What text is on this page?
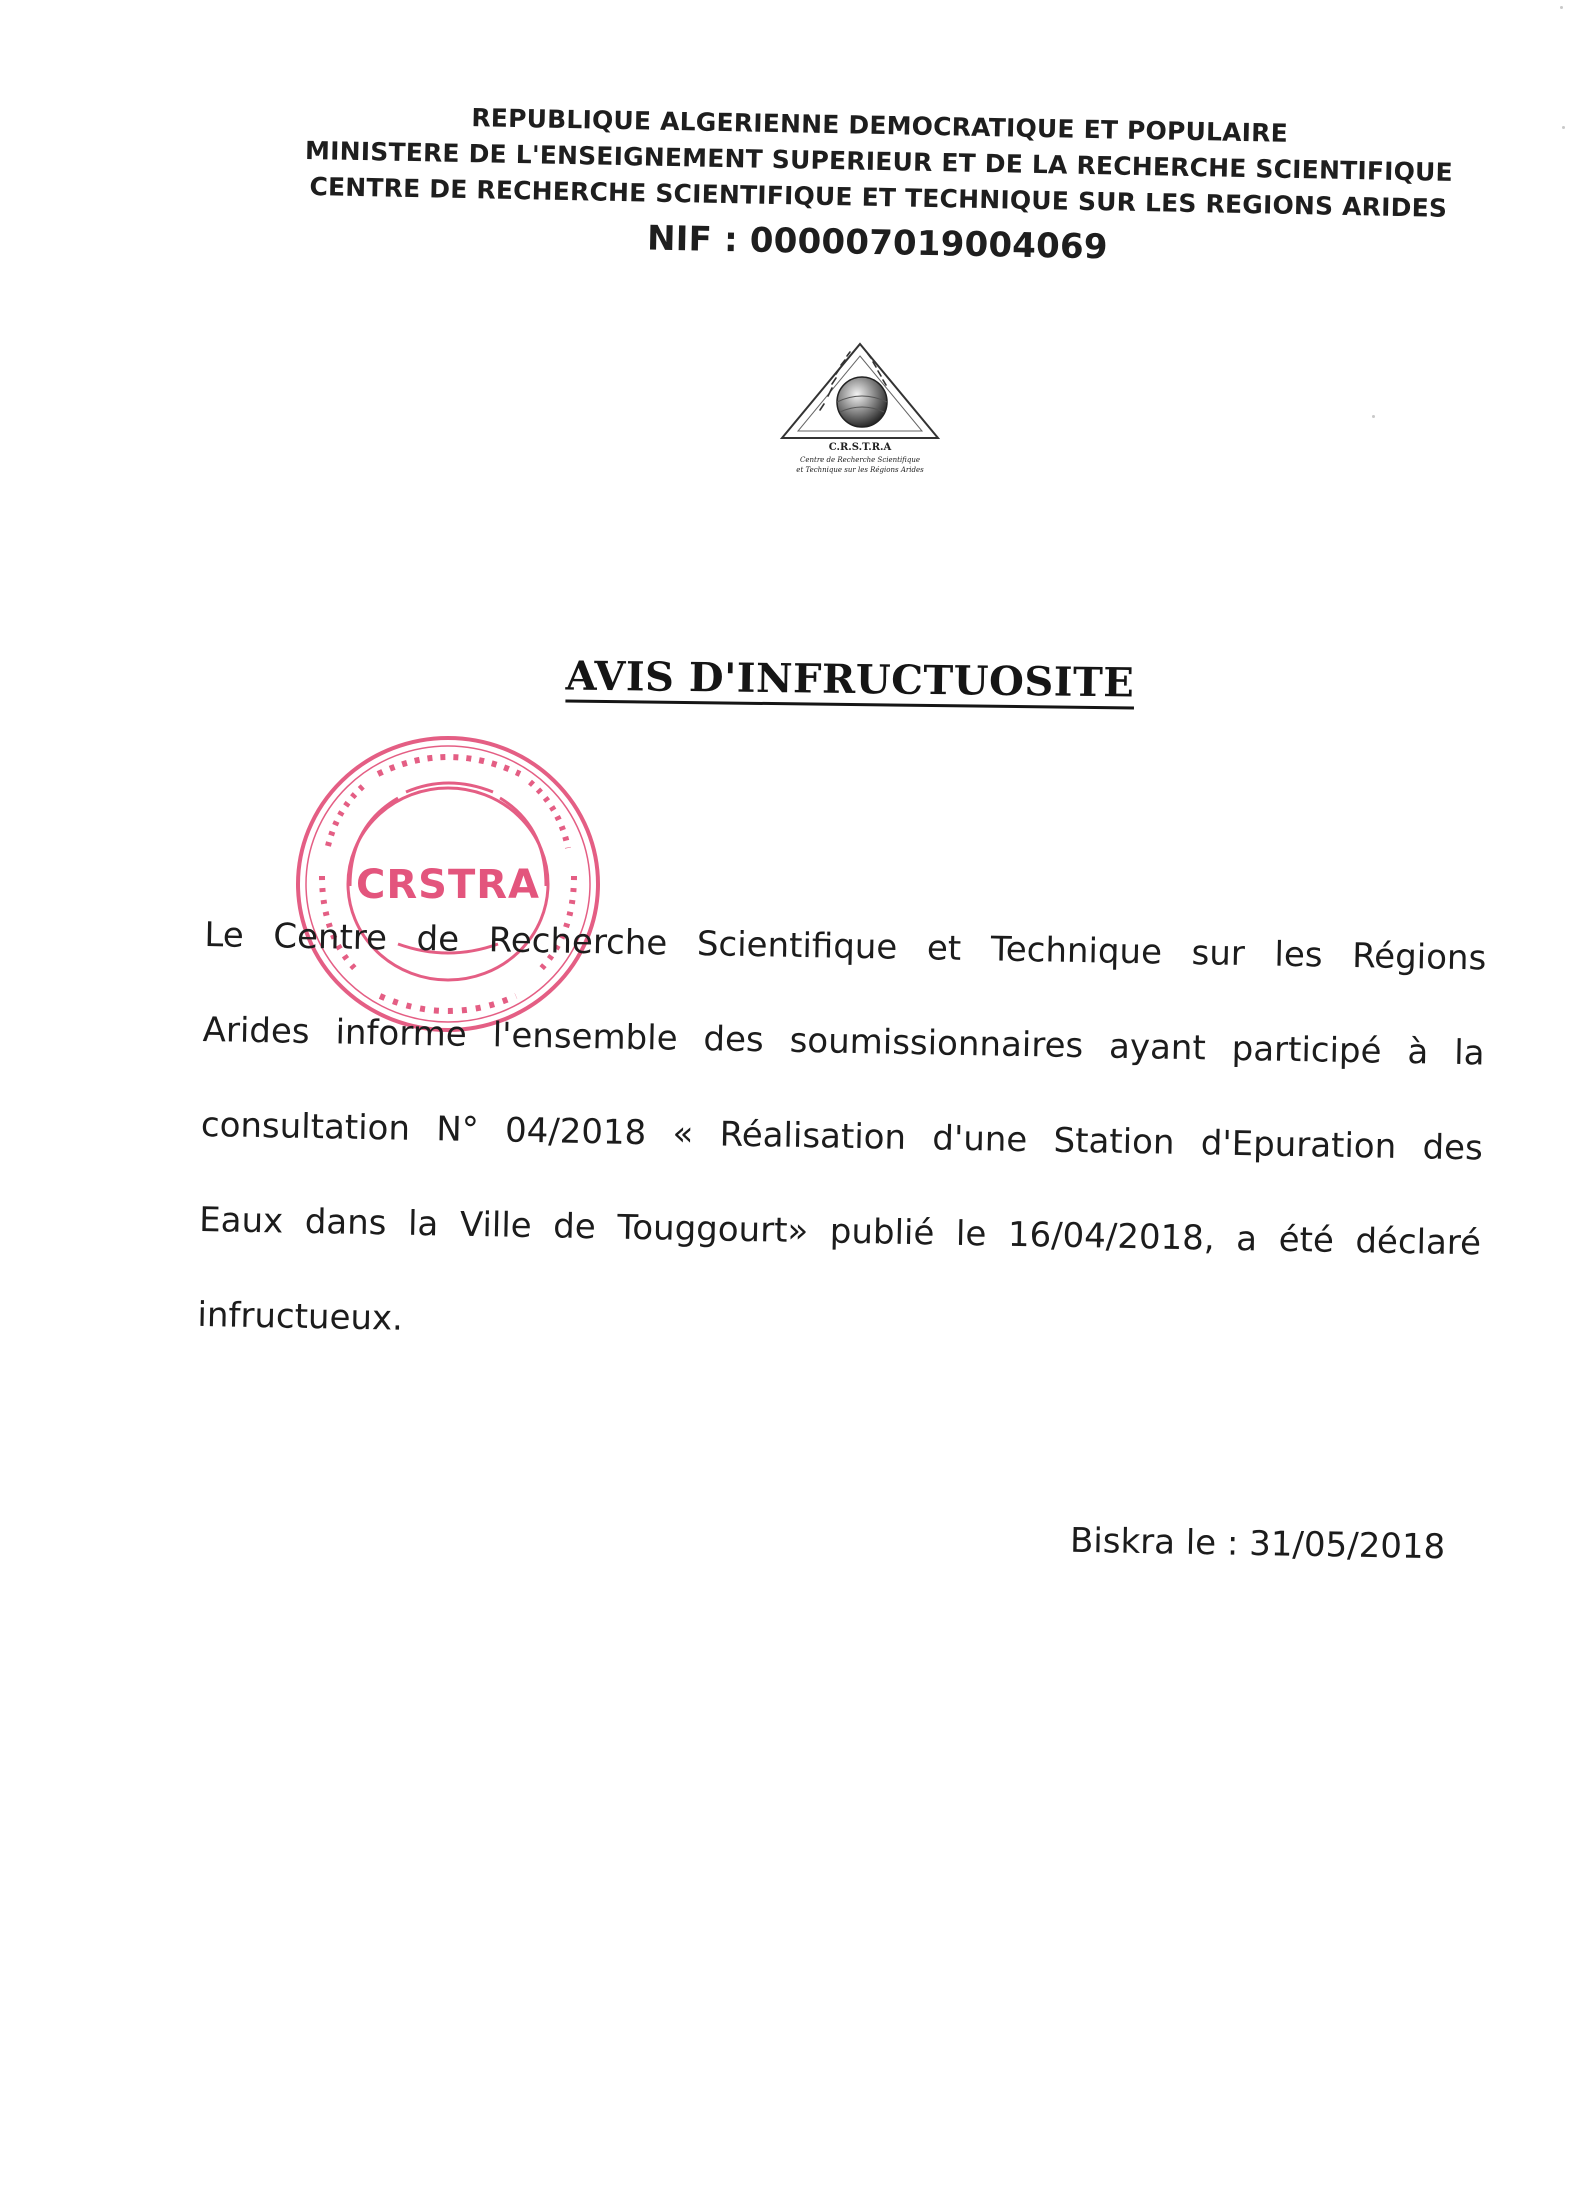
REPUBLIQUE ALGERIENNE DEMOCRATIQUE ET POPULAIRE
MINISTERE DE L'ENSEIGNEMENT SUPERIEUR ET DE LA RECHERCHE SCIENTIFIQUE
CENTRE DE RECHERCHE SCIENTIFIQUE ET TECHNIQUE SUR LES REGIONS ARIDES
NIF : 000007019004069
C.R.S.T.R.A
Centre de Recherche Scientifique
et Technique sur les Régions Arides
AVIS D'INFRUCTUOSITE
CRSTRA
Le Centre de Recherche Scientifique et Technique sur les Régions
Arides informe l'ensemble des soumissionnaires ayant participé à la
consultation N° 04/2018 « Réalisation d'une Station d'Epuration des
Eaux dans la Ville de Touggourt» publié le 16/04/2018, a été déclaré
infructueux.
Biskra le : 31/05/2018
